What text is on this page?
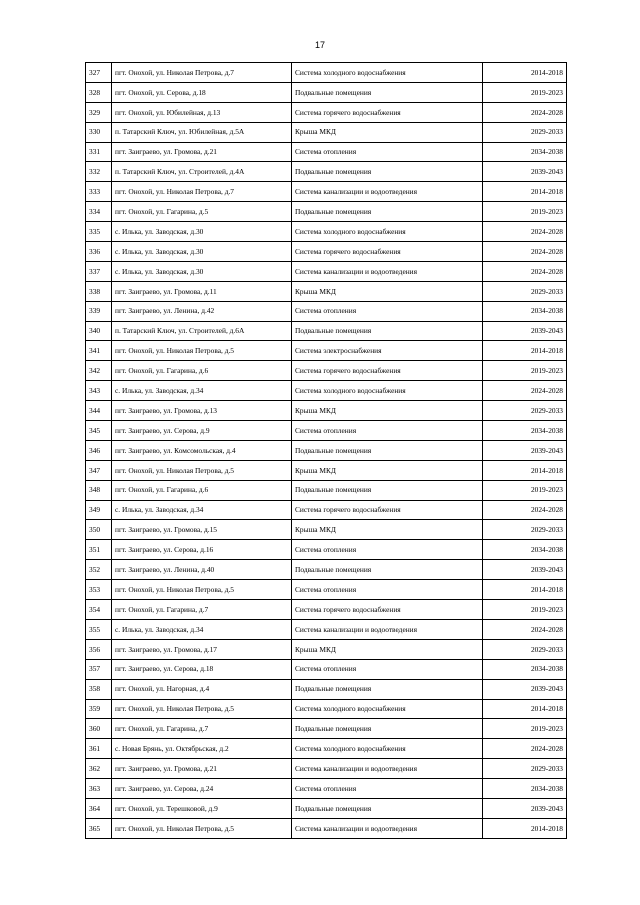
17
327	пгт. Онохой, ул. Николая Петрова, д.7	Система холодного водоснабжения	2014-2018
328	пгт. Онохой, ул. Серова, д.18	Подвальные помещения	2019-2023
329	пгт. Онохой, ул. Юбилейная, д.13	Система горячего водоснабжения	2024-2028
330	п. Татарский Ключ, ул. Юбилейная, д.5А	Крыша МКД	2029-2033
331	пгт. Заиграево, ул. Громова, д.21	Система отопления	2034-2038
332	п. Татарский Ключ, ул. Строителей, д.4А	Подвальные помещения	2039-2043
333	пгт. Онохой, ул. Николая Петрова, д.7	Система канализации и водоотведения	2014-2018
334	пгт. Онохой, ул. Гагарина, д.5	Подвальные помещения	2019-2023
335	с. Илька, ул. Заводская, д.30	Система холодного водоснабжения	2024-2028
336	с. Илька, ул. Заводская, д.30	Система горячего водоснабжения	2024-2028
337	с. Илька, ул. Заводская, д.30	Система канализации и водоотведения	2024-2028
338	пгт. Заиграево, ул. Громова, д.11	Крыша МКД	2029-2033
339	пгт. Заиграево, ул. Ленина, д.42	Система отопления	2034-2038
340	п. Татарский Ключ, ул. Строителей, д.6А	Подвальные помещения	2039-2043
341	пгт. Онохой, ул. Николая Петрова, д.5	Система электроснабжения	2014-2018
342	пгт. Онохой, ул. Гагарина, д.6	Система горячего водоснабжения	2019-2023
343	с. Илька, ул. Заводская, д.34	Система холодного водоснабжения	2024-2028
344	пгт. Заиграево, ул. Громова, д.13	Крыша МКД	2029-2033
345	пгт. Заиграево, ул. Серова, д.9	Система отопления	2034-2038
346	пгт. Заиграево, ул. Комсомольская, д.4	Подвальные помещения	2039-2043
347	пгт. Онохой, ул. Николая Петрова, д.5	Крыша МКД	2014-2018
348	пгт. Онохой, ул. Гагарина, д.6	Подвальные помещения	2019-2023
349	с. Илька, ул. Заводская, д.34	Система горячего водоснабжения	2024-2028
350	пгт. Заиграево, ул. Громова, д.15	Крыша МКД	2029-2033
351	пгт. Заиграево, ул. Серова, д.16	Система отопления	2034-2038
352	пгт. Заиграево, ул. Ленина, д.40	Подвальные помещения	2039-2043
353	пгт. Онохой, ул. Николая Петрова, д.5	Система отопления	2014-2018
354	пгт. Онохой, ул. Гагарина, д.7	Система горячего водоснабжения	2019-2023
355	с. Илька, ул. Заводская, д.34	Система канализации и водоотведения	2024-2028
356	пгт. Заиграево, ул. Громова, д.17	Крыша МКД	2029-2033
357	пгт. Заиграево, ул. Серова, д.18	Система отопления	2034-2038
358	пгт. Онохой, ул. Нагорная, д.4	Подвальные помещения	2039-2043
359	пгт. Онохой, ул. Николая Петрова, д.5	Система холодного водоснабжения	2014-2018
360	пгт. Онохой, ул. Гагарина, д.7	Подвальные помещения	2019-2023
361	с. Новая Брянь, ул. Октябрьская, д.2	Система холодного водоснабжения	2024-2028
362	пгт. Заиграево, ул. Громова, д.21	Система канализации и водоотведения	2029-2033
363	пгт. Заиграево, ул. Серова, д.24	Система отопления	2034-2038
364	пгт. Онохой, ул. Терешковой, д.9	Подвальные помещения	2039-2043
365	пгт. Онохой, ул. Николая Петрова, д.5	Система канализации и водоотведения	2014-2018
